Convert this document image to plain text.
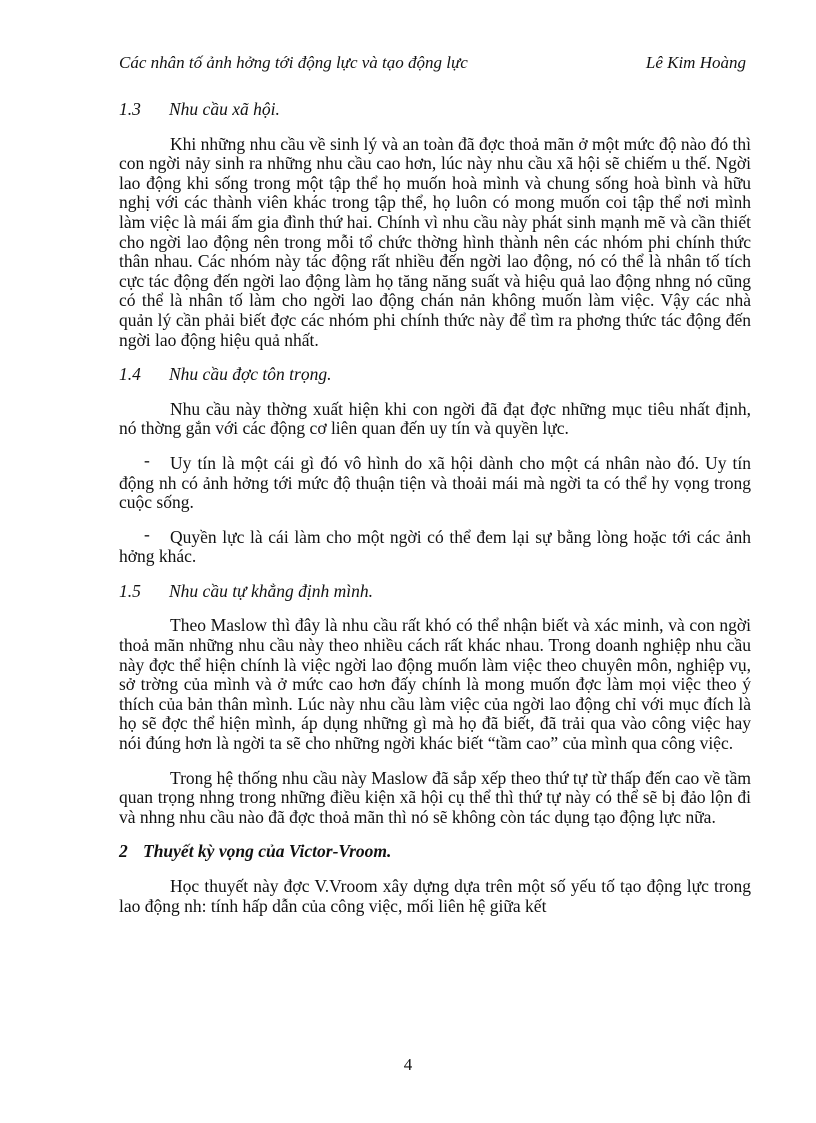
Các nhân tố ảnh hởng tới động lực và tạo động lực	Lê Kim Hoàng
1.3	Nhu cầu xã hội.

Khi những nhu cầu về sinh lý và an toàn đã đợc thoả mãn ở một mức độ nào đó thì con ngời nảy sinh ra những nhu cầu cao hơn, lúc này nhu cầu xã hội sẽ chiếm u thế. Ngời lao động khi sống trong một tập thể họ muốn hoà mình và chung sống hoà bình và hữu nghị với các thành viên khác trong tập thể, họ luôn có mong muốn coi tập thể nơi mình làm việc là mái ấm gia đình thứ hai. Chính vì nhu cầu này phát sinh mạnh mẽ và cần thiết cho ngời lao động nên trong mỗi tổ chức thờng hình thành nên các nhóm phi chính thức thân nhau. Các nhóm này tác động rất nhiều đến ngời lao động, nó có thể là nhân tố tích cực tác động đến ngời lao động làm họ tăng năng suất và hiệu quả lao động nhng nó cũng có thể là nhân tố làm cho ngời lao động chán nản không muốn làm việc. Vậy các nhà quản lý cần phải biết đợc các nhóm phi chính thức này để tìm ra phơng thức tác động đến ngời lao động hiệu quả nhất.

1.4	Nhu cầu đợc tôn trọng.

Nhu cầu này thờng xuất hiện khi con ngời đã đạt đợc những mục tiêu nhất định, nó thờng gắn với các động cơ liên quan đến uy tín và quyền lực.

- Uy tín là một cái gì đó vô hình do xã hội dành cho một cá nhân nào đó. Uy tín động nh có ảnh hởng tới mức độ thuận tiện và thoải mái mà ngời ta có thể hy vọng trong cuộc sống.

- Quyền lực là cái làm cho một ngời có thể đem lại sự bằng lòng hoặc tới các ảnh hởng khác.

1.5	Nhu cầu tự khẳng định mình.

Theo Maslow thì đây là nhu cầu rất khó có thể nhận biết và xác minh, và con ngời thoả mãn những nhu cầu này theo nhiều cách rất khác nhau. Trong doanh nghiệp nhu cầu này đợc thể hiện chính là việc ngời lao động muốn làm việc theo chuyên môn, nghiệp vụ, sở trờng của mình và ở mức cao hơn đấy chính là mong muốn đợc làm mọi việc theo ý thích của bản thân mình. Lúc này nhu cầu làm việc của ngời lao động chỉ với mục đích là họ sẽ đợc thể hiện mình, áp dụng những gì mà họ đã biết, đã trải qua vào công việc hay nói đúng hơn là ngời ta sẽ cho những ngời khác biết “tầm cao” của mình qua công việc.

Trong hệ thống nhu cầu này Maslow đã sắp xếp theo thứ tự từ thấp đến cao về tầm quan trọng nhng trong những điều kiện xã hội cụ thể thì thứ tự này có thể sẽ bị đảo lộn đi và nhng nhu cầu nào đã đợc thoả mãn thì nó sẽ không còn tác dụng tạo động lực nữa.

2 Thuyết kỳ vọng của Victor-Vroom.

Học thuyết này đợc V.Vroom xây dựng dựa trên một số yếu tố tạo động lực trong lao động nh: tính hấp dẫn của công việc, mối liên hệ giữa kết

4
